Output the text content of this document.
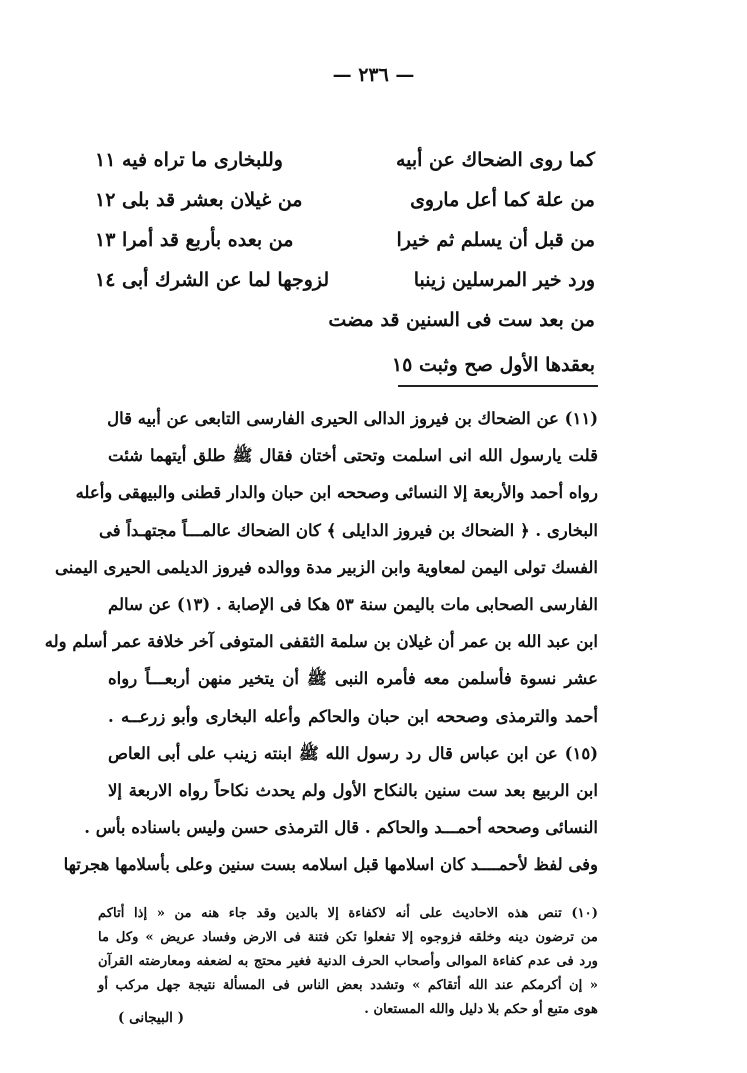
— ٢٣٦ —
كما روى الضحاك عن أبيه
وللبخارى ما تراه فيه ١١
من علة كما أعل ماروى
من غيلان بعشر قد بلى ١٢
من قبل أن يسلم ثم خيرا
من بعده بأربع قد أمرا ١٣
ورد خير المرسلين زينبا
لزوجها لما عن الشرك أبى ١٤
من بعد ست فى السنين قد مضت
بعقدها الأول صح وثبت ١٥
(١١) عن الضحاك بن فيروز الدالى الحيرى الفارسى التابعى عن أبيه قال
قلت يارسول الله انى اسلمت وتحتى أختان فقال ﷺ طلق أيتهما شئت
رواه أحمد والأربعة إلا النسائى وصححه ابن حبان والدار قطنى والبيهقى وأعله
البخارى . ﴿ الضحاك بن فيروز الدايلى ﴾ كان الضحاك عالمـــاً مجتهـداً فى
الفسك تولى اليمن لمعاوية وابن الزبير مدة ووالده فيروز الديلمى الحيرى اليمنى
الفارسى الصحابى مات باليمن سنة ٥٣ هكا فى الإصابة . (١٣) عن سالم
ابن عبد الله بن عمر أن غيلان بن سلمة الثقفى المتوفى آخر خلافة عمر أسلم وله
عشر نسوة فأسلمن معه فأمره النبى ﷺ أن يتخير منهن أربعـــاً رواه
أحمد والترمذى وصححه ابن حبان والحاكم وأعله البخارى وأبو زرعــه .
(١٥) عن ابن عباس قال رد رسول الله ﷺ ابنته زينب على أبى العاص
ابن الربيع بعد ست سنين بالنكاح الأول ولم يحدث نكاحاً رواه الاربعة إلا
النسائى وصححه أحمـــد والحاكم . قال الترمذى حسن وليس باسناده بأس .
وفى لفظ لأحمــــد كان اسلامها قبل اسلامه بست سنين وعلى بأسلامها هجرتها
(١٠) تنص هذه الاحاديث على أنه لاكفاءة إلا بالدين وقد جاء هنه من « إذا أتاكم
من ترضون دينه وخلقه فزوجوه إلا تفعلوا تكن فتنة فى الارض وفساد عريض » وكل ما
ورد فى عدم كفاءة الموالى وأصحاب الحرف الدنية فغير محتج به لضعفه ومعارضته القرآن
« إن أكرمكم عند الله أتقاكم » وتشدد بعض الناس فى المسألة نتيجة جهل مركب أو
هوى متبع أو حكم بلا دليل والله المستعان .
( البيجانى )
